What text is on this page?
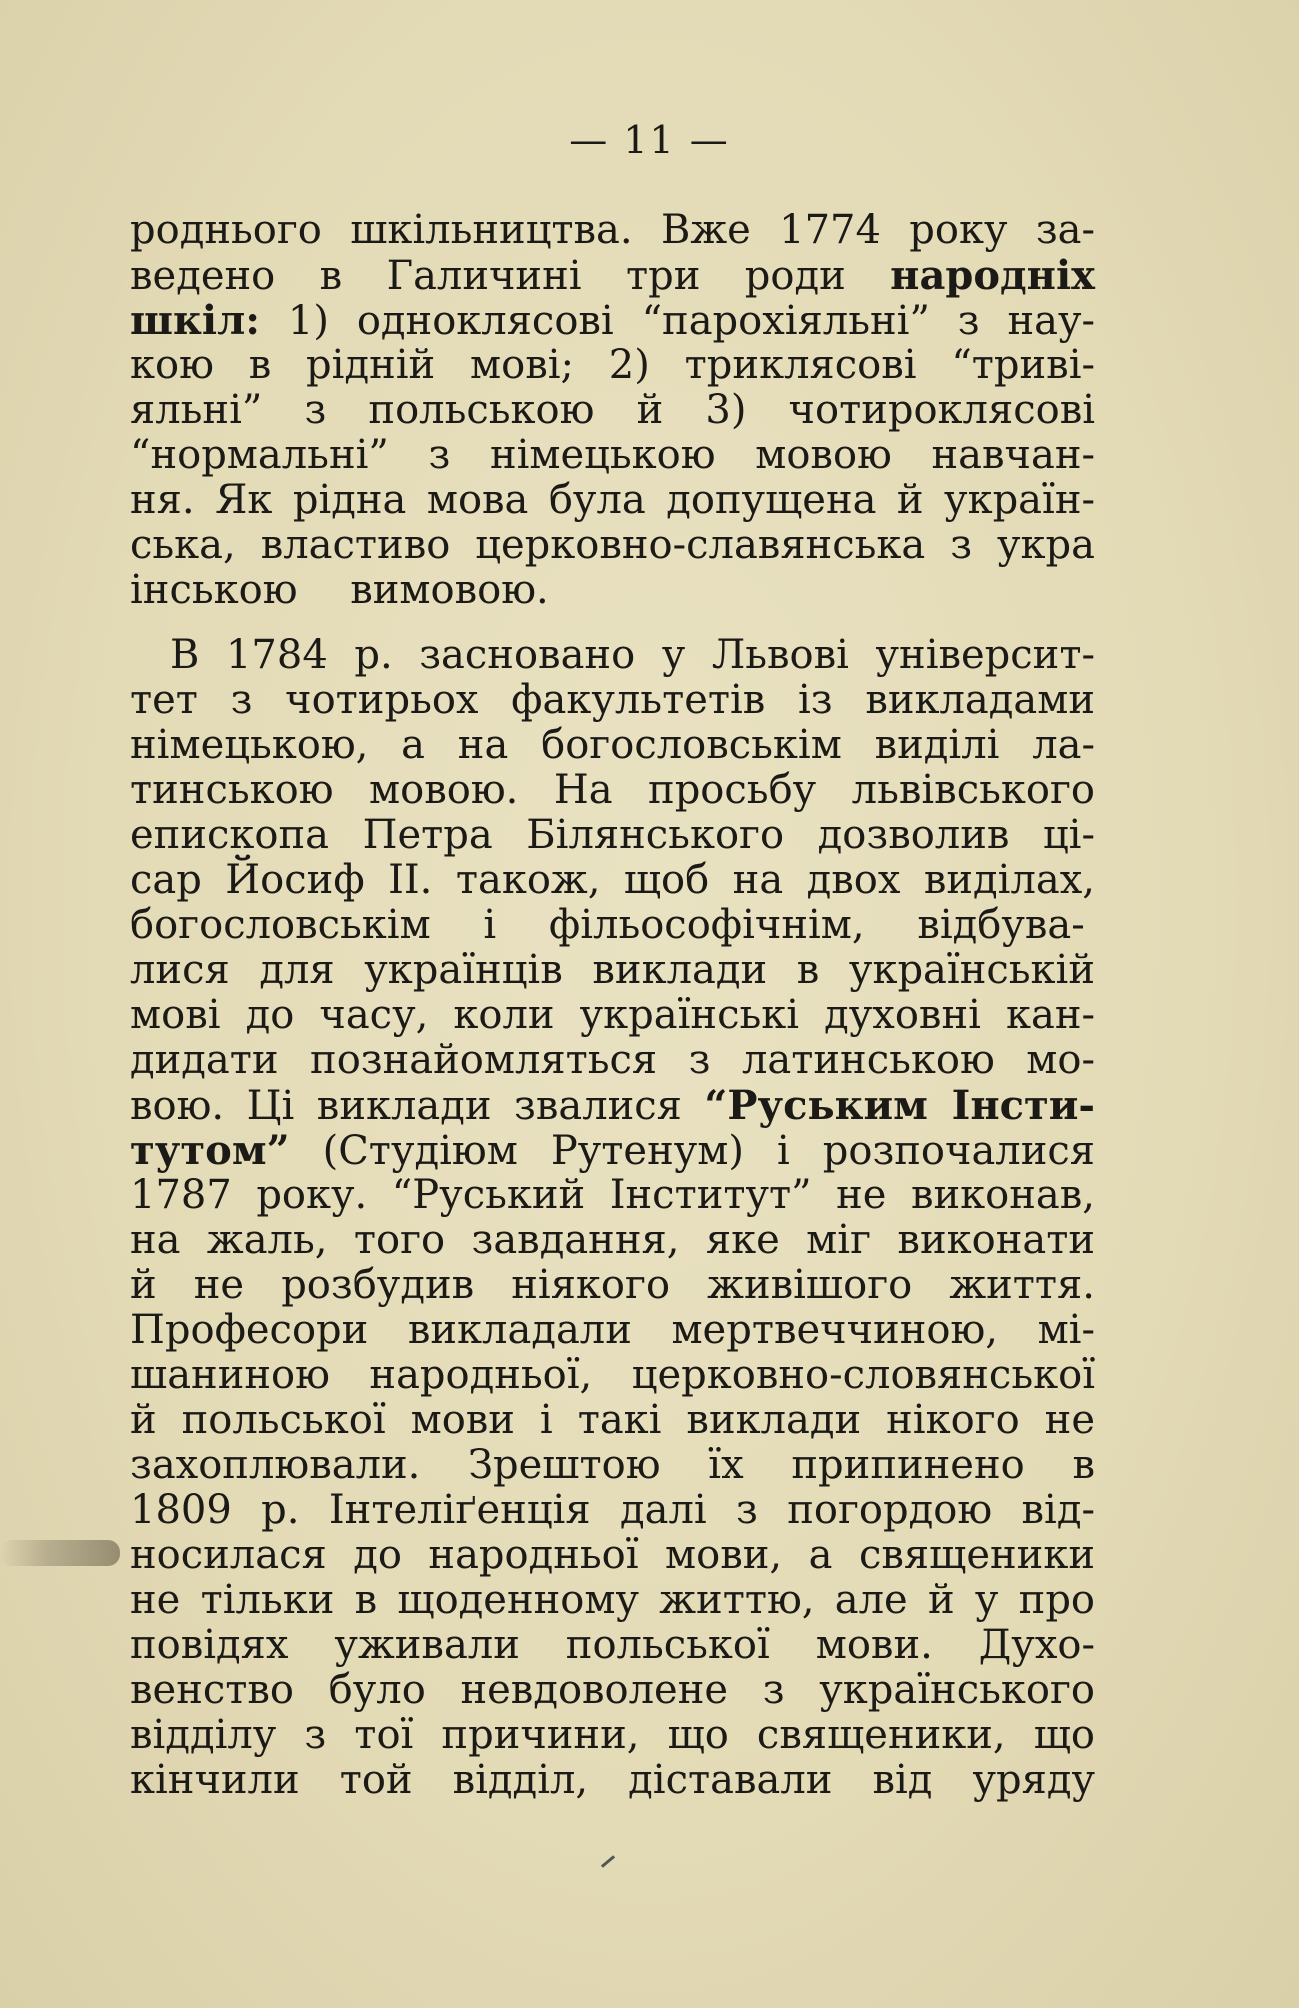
— 11 —
роднього шкільництва. Вже 1774 року за-
ведено в Галичині три роди народніх
шкіл: 1) одноклясові “парохіяльні” з нау-
кою в рідній мові; 2) триклясові “триві-
яльні” з польською й 3) чотироклясові
“нормальні” з німецькою мовою навчан-
ня. Як рідна мова була допущена й україн-
ська, властиво церковно-славянська з укра
інською вимовою.
В 1784 р. засновано у Львові університ-
тет з чотирьох факультетів із викладами
німецькою, а на богословськім виділі ла-
тинською мовою. На просьбу львівського
епископа Петра Білянського дозволив ці-
сар Йосиф II. також, щоб на двох виділах,
богословськім і фільософічнім, відбува-
лися для українців виклади в українській
мові до часу, коли українські духовні кан-
дидати познайомляться з латинською мо-
вою. Ці виклади звалися “Руським Інсти-
тутом” (Студіюм Рутенум) і розпочалися
1787 року. “Руський Інститут” не виконав,
на жаль, того завдання, яке міг виконати
й не розбудив ніякого живішого життя.
Професори викладали мертвеччиною, мі-
шаниною народньої, церковно-словянської
й польської мови і такі виклади нікого не
захоплювали. Зрештою їх припинено в
1809 р. Інтеліґенція далі з погордою від-
носилася до народньої мови, а священики
не тільки в щоденному життю, але й у про
повідях уживали польської мови. Духо-
венство було невдоволене з українського
відділу з тої причини, що священики, що
кінчили той відділ, діставали від уряду
